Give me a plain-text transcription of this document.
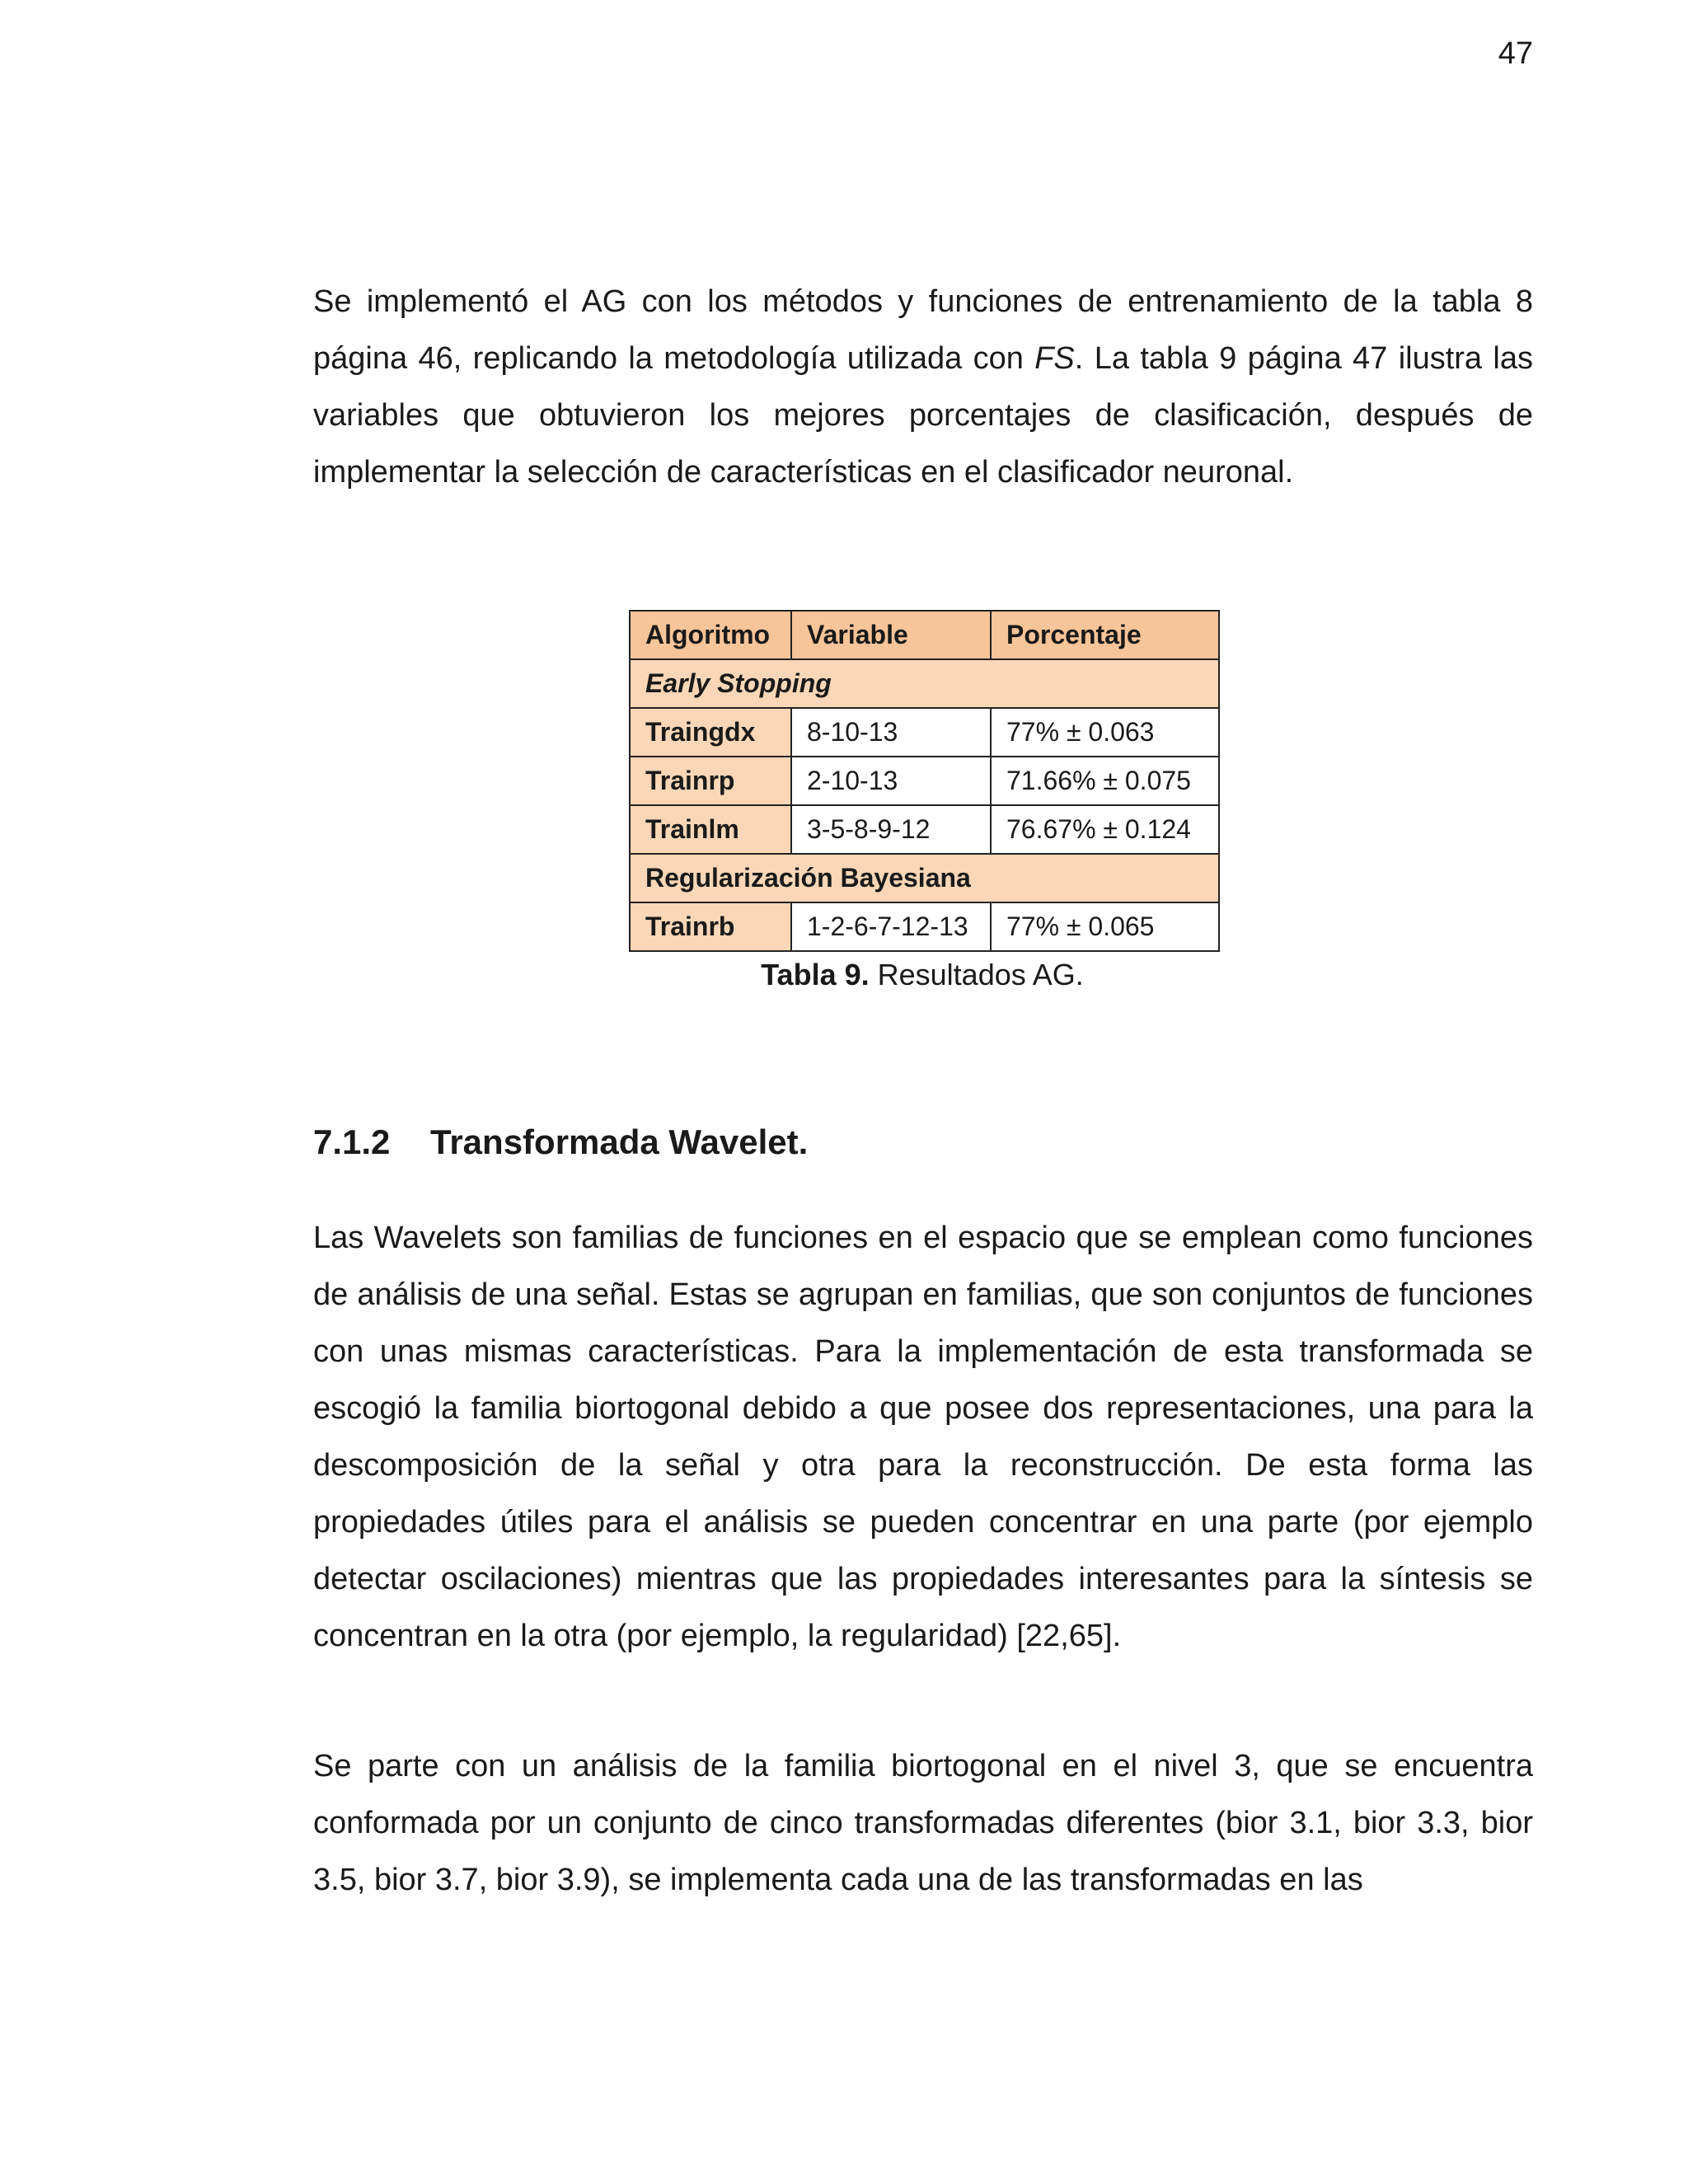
47

Se implementó el AG con los métodos y funciones de entrenamiento de la tabla 8 página 46, replicando la metodología utilizada con FS. La tabla 9 página 47 ilustra las variables que obtuvieron los mejores porcentajes de clasificación, después de implementar la selección de características en el clasificador neuronal.

Algoritmo	Variable	Porcentaje
Early Stopping		
Traingdx	8-10-13	77% ± 0.063
Trainrp	2-10-13	71.66% ± 0.075
Trainlm	3-5-8-9-12	76.67% ± 0.124
Regularización Bayesiana		
Trainrb	1-2-6-7-12-13	77% ± 0.065
Tabla 9. Resultados AG.
7.1.2 Transformada Wavelet.

Las Wavelets son familias de funciones en el espacio que se emplean como funciones de análisis de una señal. Estas se agrupan en familias, que son conjuntos de funciones con unas mismas características. Para la implementación de esta transformada se escogió la familia biortogonal debido a que posee dos representaciones, una para la descomposición de la señal y otra para la reconstrucción. De esta forma las propiedades útiles para el análisis se pueden concentrar en una parte (por ejemplo detectar oscilaciones) mientras que las propiedades interesantes para la síntesis se concentran en la otra (por ejemplo, la regularidad) [22,65].

Se parte con un análisis de la familia biortogonal en el nivel 3, que se encuentra conformada por un conjunto de cinco transformadas diferentes (bior 3.1, bior 3.3, bior 3.5, bior 3.7, bior 3.9), se implementa cada una de las transformadas en las
